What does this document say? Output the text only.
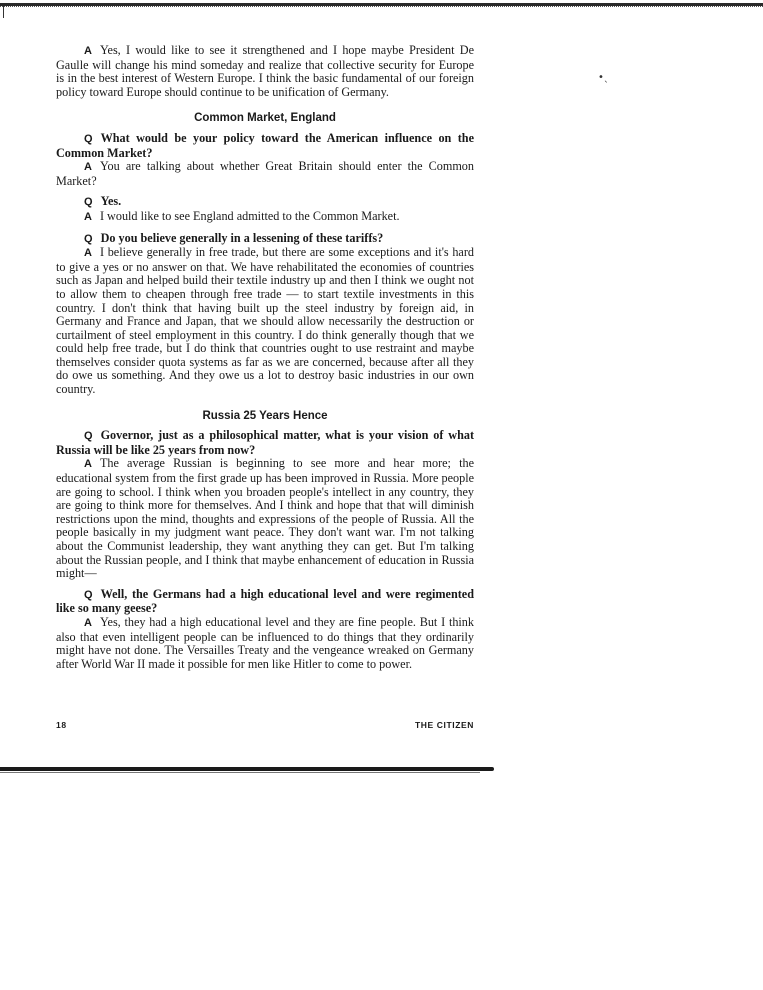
•ˎ

A Yes, I would like to see it strengthened and I hope maybe President De Gaulle will change his mind someday and realize that collective security for Europe is in the best interest of Western Europe. I think the basic fundamental of our foreign policy toward Europe should continue to be unification of Germany.

Common Market, England

Q What would be your policy toward the American influence on the Common Market?

A You are talking about whether Great Britain should enter the Common Market?

Q Yes.

A I would like to see England admitted to the Common Market.

Q Do you believe generally in a lessening of these tariffs?

A I believe generally in free trade, but there are some exceptions and it's hard to give a yes or no answer on that. We have rehabilitated the economies of countries such as Japan and helped build their textile industry up and then I think we ought not to allow them to cheapen through free trade — to start textile investments in this country. I don't think that having built up the steel industry by foreign aid, in Germany and France and Japan, that we should allow necessarily the destruction or curtailment of steel employment in this country. I do think generally though that we could help free trade, but I do think that countries ought to use restraint and maybe themselves consider quota systems as far as we are concerned, because after all they do owe us something. And they owe us a lot to destroy basic industries in our own country.

Russia 25 Years Hence

Q Governor, just as a philosophical matter, what is your vision of what Russia will be like 25 years from now?

A The average Russian is beginning to see more and hear more; the educational system from the first grade up has been improved in Russia. More people are going to school. I think when you broaden people's intellect in any country, they are going to think more for themselves. And I think and hope that that will diminish restrictions upon the mind, thoughts and expressions of the people of Russia. All the people basically in my judgment want peace. They don't want war. I'm not talking about the Communist leadership, they want anything they can get. But I'm talking about the Russian people, and I think that maybe enhancement of education in Russia might—

Q Well, the Germans had a high educational level and were regimented like so many geese?

A Yes, they had a high educational level and they are fine people. But I think also that even intelligent people can be influenced to do things that they ordinarily might have not done. The Versailles Treaty and the vengeance wreaked on Germany after World War II made it possible for men like Hitler to come to power.

18	THE CITIZEN
